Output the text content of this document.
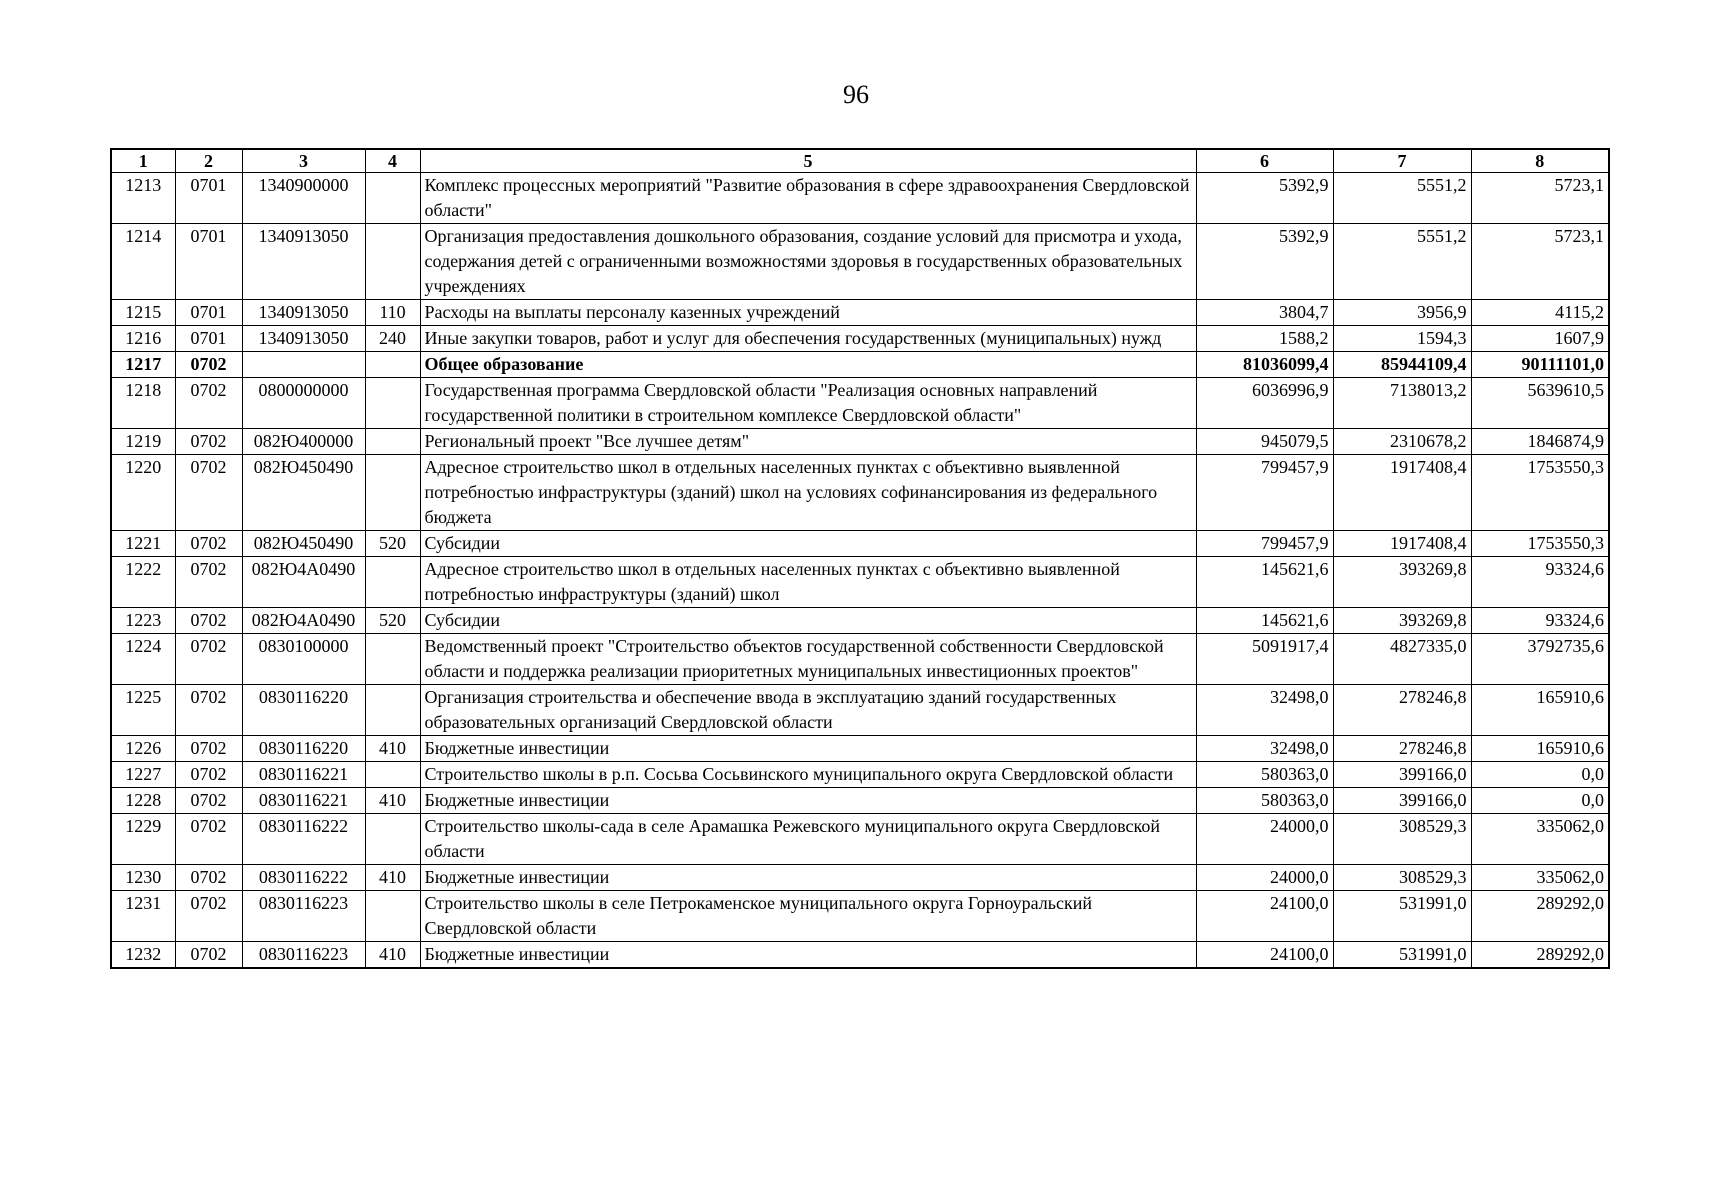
96
1	2	3	4	5	6	7	8
1213	0701	1340900000		Комплекс процессных мероприятий "Развитие образования в сфере здравоохранения Свердловской области"	5392,9	5551,2	5723,1
1214	0701	1340913050		Организация предоставления дошкольного образования, создание условий для присмотра и ухода, содержания детей с ограниченными возможностями здоровья в государственных образовательных учреждениях	5392,9	5551,2	5723,1
1215	0701	1340913050	110	Расходы на выплаты персоналу казенных учреждений	3804,7	3956,9	4115,2
1216	0701	1340913050	240	Иные закупки товаров, работ и услуг для обеспечения государственных (муниципальных) нужд	1588,2	1594,3	1607,9
1217	0702			Общее образование	81036099,4	85944109,4	90111101,0
1218	0702	0800000000		Государственная программа Свердловской области "Реализация основных направлений государственной политики в строительном комплексе Свердловской области"	6036996,9	7138013,2	5639610,5
1219	0702	082Ю400000		Региональный проект "Все лучшее детям"	945079,5	2310678,2	1846874,9
1220	0702	082Ю450490		Адресное строительство школ в отдельных населенных пунктах с объективно выявленной потребностью инфраструктуры (зданий) школ на условиях софинансирования из федерального бюджета	799457,9	1917408,4	1753550,3
1221	0702	082Ю450490	520	Субсидии	799457,9	1917408,4	1753550,3
1222	0702	082Ю4А0490		Адресное строительство школ в отдельных населенных пунктах с объективно выявленной потребностью инфраструктуры (зданий) школ	145621,6	393269,8	93324,6
1223	0702	082Ю4А0490	520	Субсидии	145621,6	393269,8	93324,6
1224	0702	0830100000		Ведомственный проект "Строительство объектов государственной собственности Свердловской области и поддержка реализации приоритетных муниципальных инвестиционных проектов"	5091917,4	4827335,0	3792735,6
1225	0702	0830116220		Организация строительства и обеспечение ввода в эксплуатацию зданий государственных образовательных организаций Свердловской области	32498,0	278246,8	165910,6
1226	0702	0830116220	410	Бюджетные инвестиции	32498,0	278246,8	165910,6
1227	0702	0830116221		Строительство школы в р.п. Сосьва Сосьвинского муниципального округа Свердловской области	580363,0	399166,0	0,0
1228	0702	0830116221	410	Бюджетные инвестиции	580363,0	399166,0	0,0
1229	0702	0830116222		Строительство школы-сада в селе Арамашка Режевского муниципального округа Свердловской области	24000,0	308529,3	335062,0
1230	0702	0830116222	410	Бюджетные инвестиции	24000,0	308529,3	335062,0
1231	0702	0830116223		Строительство школы в селе Петрокаменское муниципального округа Горноуральский Свердловской области	24100,0	531991,0	289292,0
1232	0702	0830116223	410	Бюджетные инвестиции	24100,0	531991,0	289292,0
